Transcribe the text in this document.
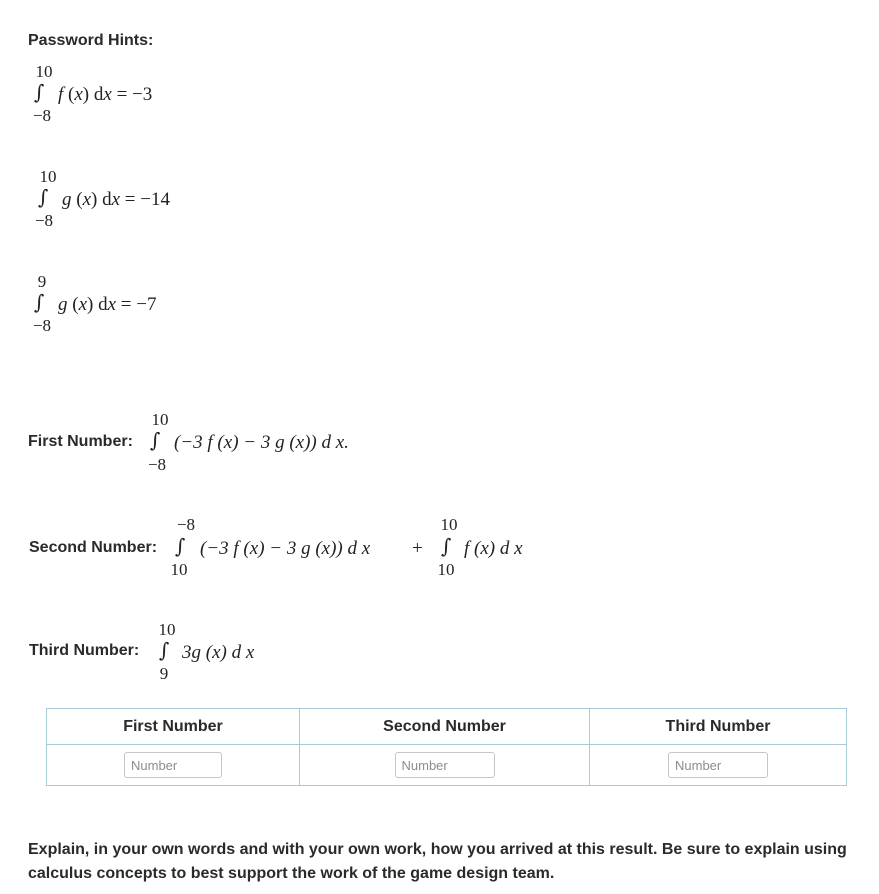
Password Hints:
10
∫ f (x) dx = −3
−8
10
∫ g (x) dx = −14
−8
9
∫ g (x) dx = −7
−8
First Number:
10
∫ (−3 f (x) − 3 g (x)) d x.
−8
Second Number:
−8
∫ (−3 f (x) − 3 g (x)) d x
10
+
10
∫ f (x) d x
10
Third Number:
10
∫ 3g (x) d x
9
First Number	Second Number	Third Number
Number	Number	Number
Explain, in your own words and with your own work, how you arrived at this result. Be sure to explain using calculus concepts to best support the work of the game design team.
